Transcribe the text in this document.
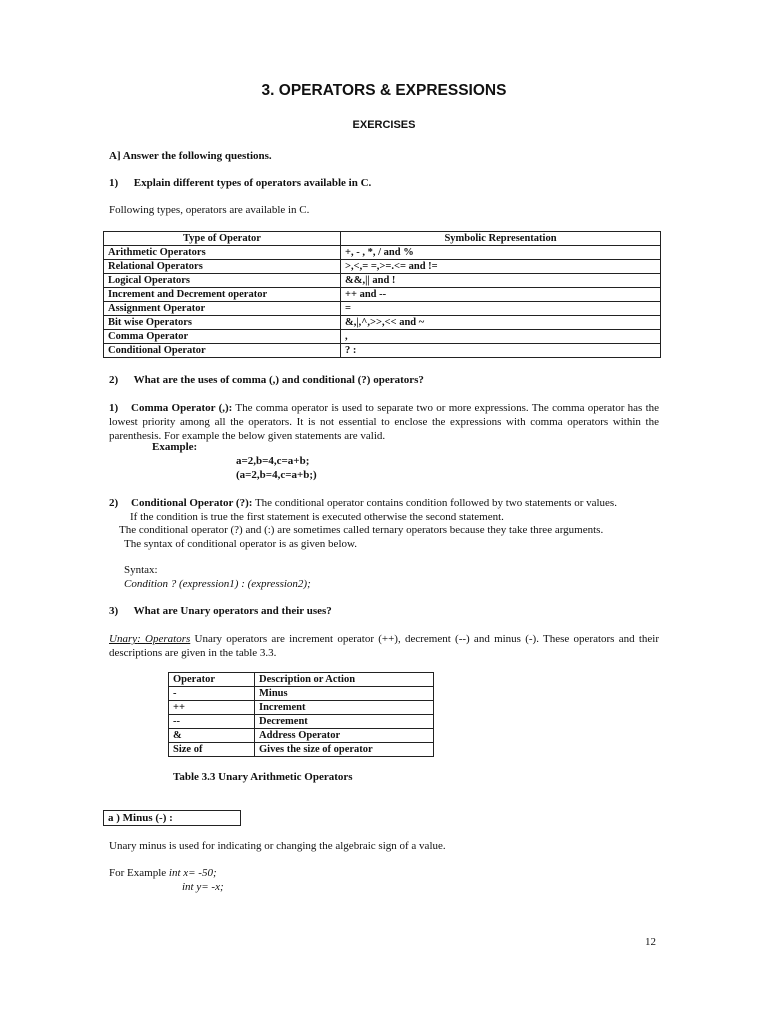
3. OPERATORS & EXPRESSIONS
EXERCISES
A] Answer the following questions.
1) Explain different types of operators available in C.
Following types, operators are available in C.
Type of Operator	Symbolic Representation
Arithmetic Operators	+, - , *, / and %
Relational Operators	>,<,= =,>=.<= and !=
Logical Operators	&&,|| and !
Increment and Decrement operator	++ and --
Assignment Operator	=
Bit wise Operators	&,|,^,>>,<< and ~
Comma Operator	,
Conditional Operator	? :
2) What are the uses of comma (,) and conditional (?) operators?
1) Comma Operator (,): The comma operator is used to separate two or more expressions. The comma operator has the lowest priority among all the operators. It is not essential to enclose the expressions with comma operators within the parenthesis. For example the below given statements are valid.
Example:
a=2,b=4,c=a+b;
(a=2,b=4,c=a+b;)
2) Conditional Operator (?): The conditional operator contains condition followed by two statements or values.
If the condition is true the first statement is executed otherwise the second statement.
The conditional operator (?) and (:) are sometimes called ternary operators because they take three arguments.
The syntax of conditional operator is as given below.
Syntax:
Condition ? (expression1) : (expression2);
3) What are Unary operators and their uses?
Unary: Operators Unary operators are increment operator (++), decrement (--) and minus (-). These operators and their descriptions are given in the table 3.3.
Operator	Description or Action
-	Minus
++	Increment
--	Decrement
&	Address Operator
Size of	Gives the size of operator
Table 3.3 Unary Arithmetic Operators
a ) Minus (-) :
Unary minus is used for indicating or changing the algebraic sign of a value.
For Example int x= -50;
int y= -x;
12
